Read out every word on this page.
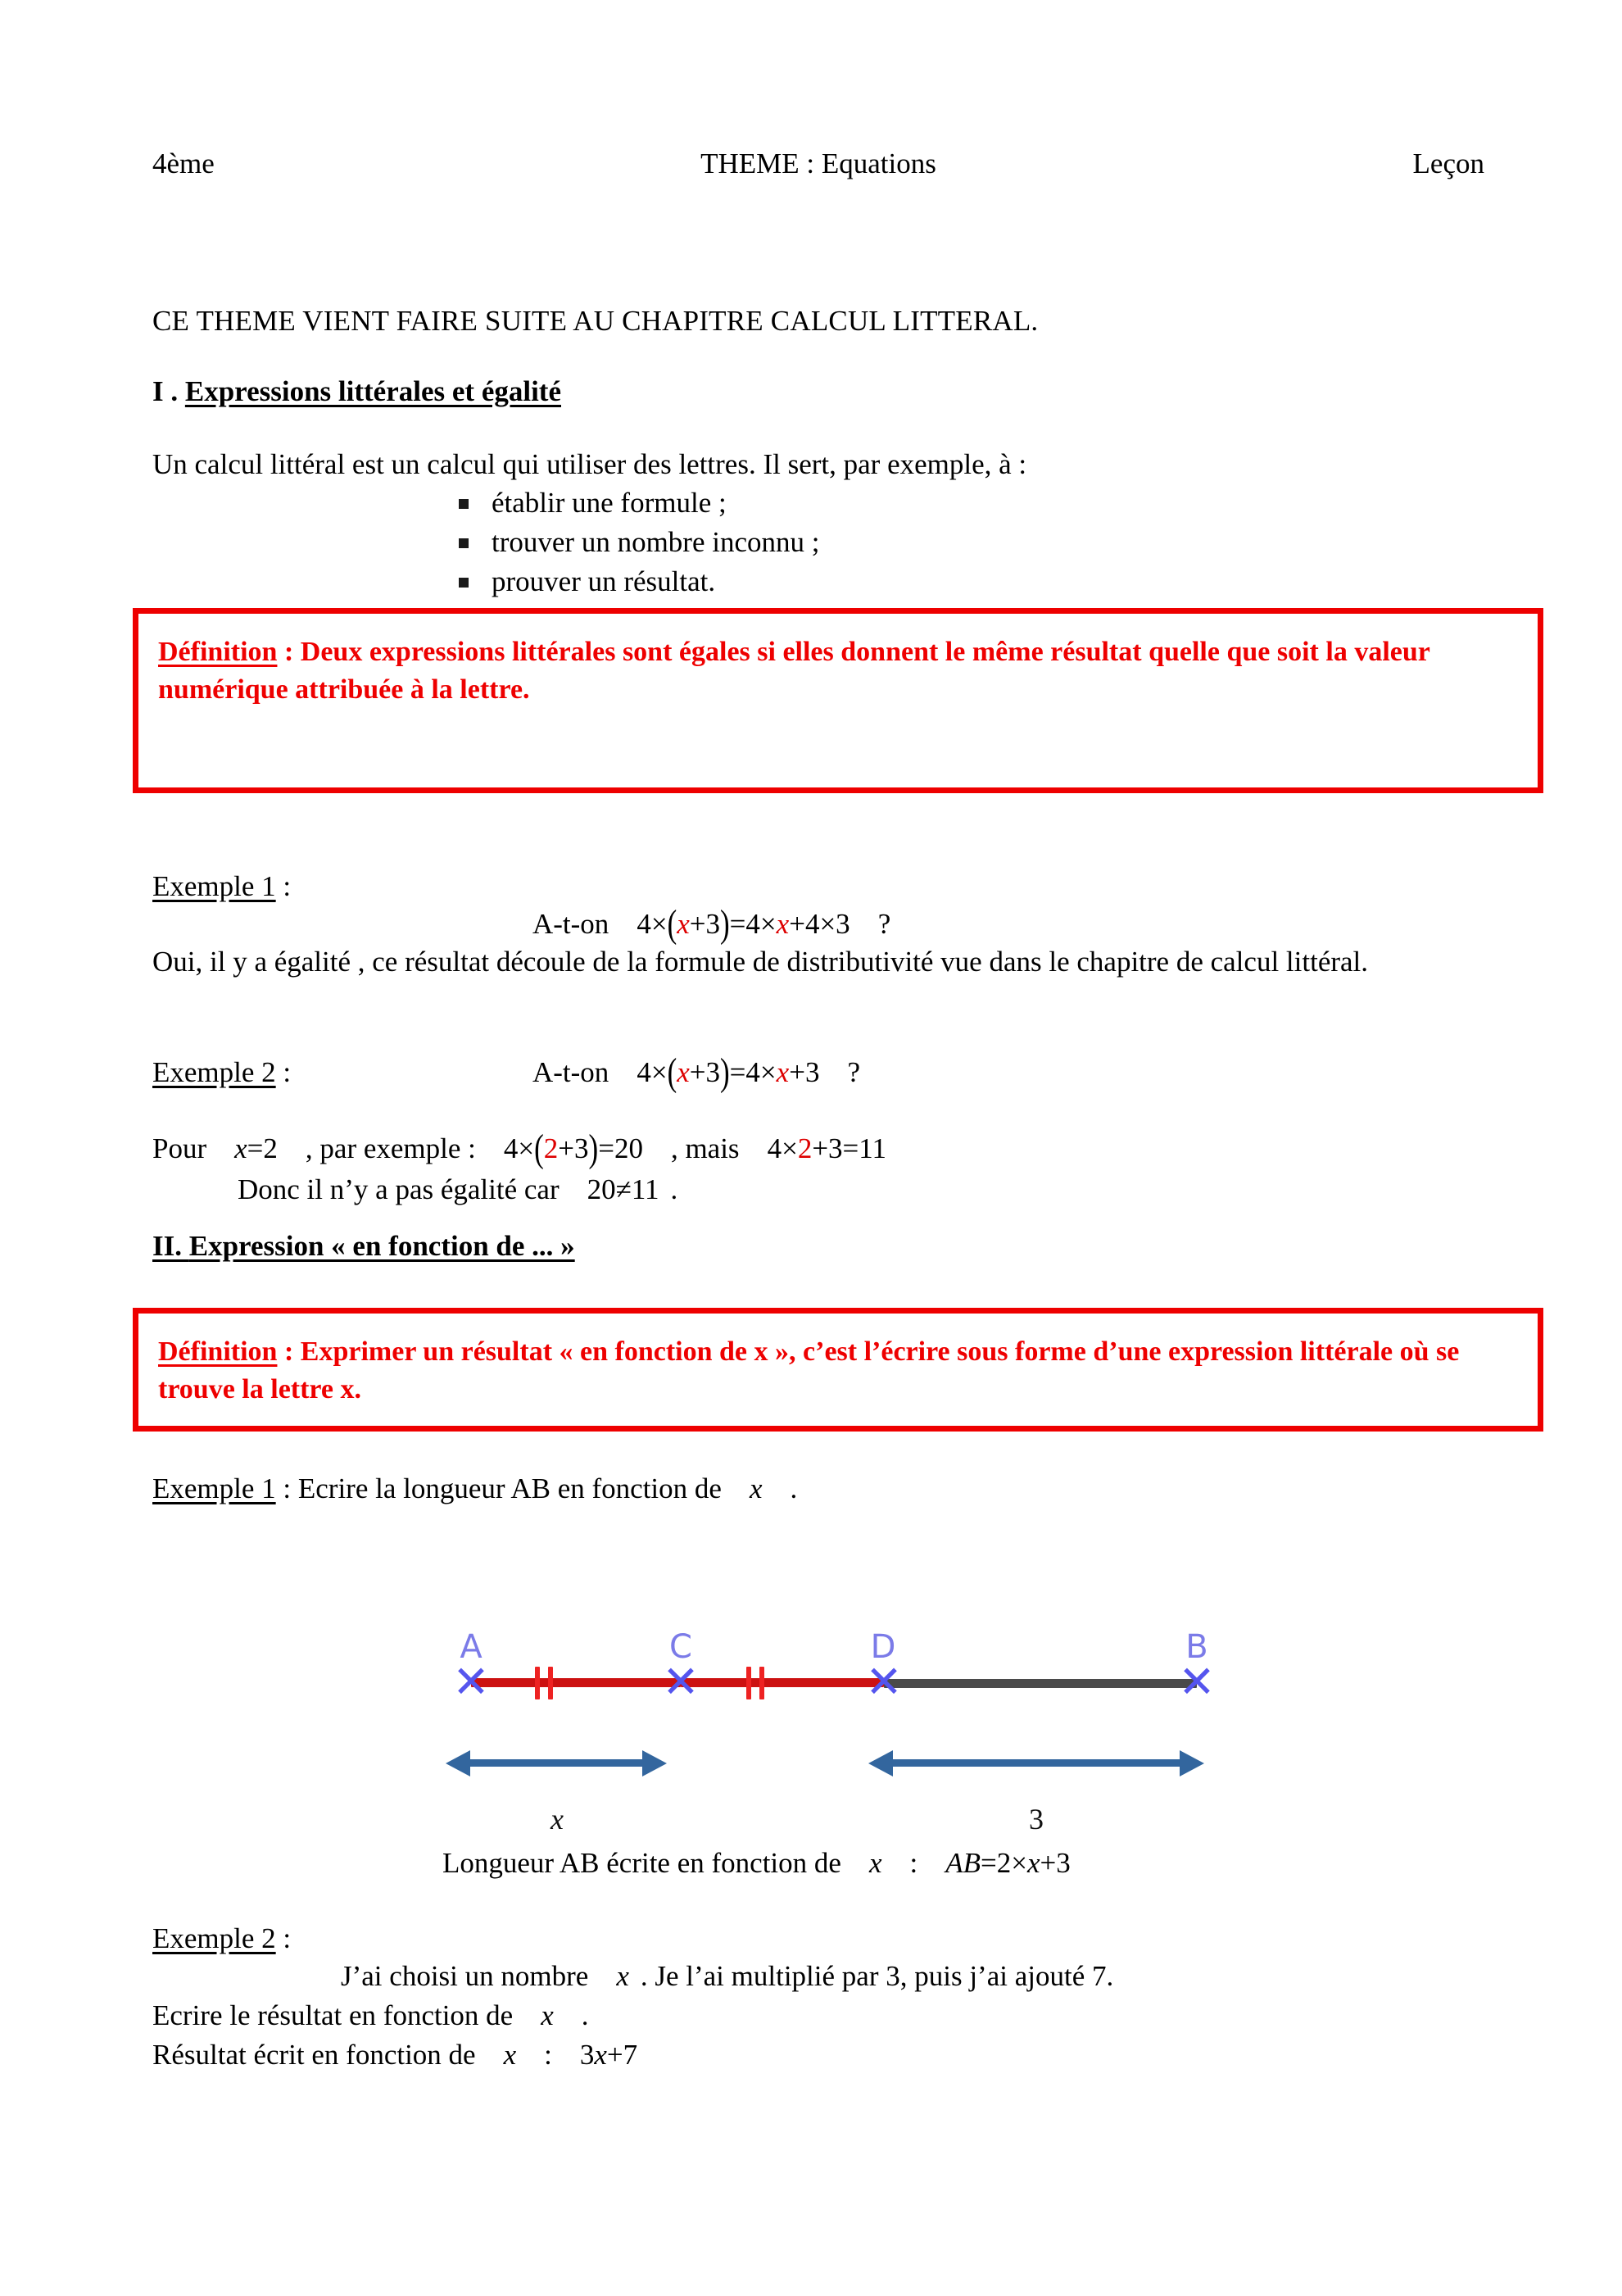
4ème	THEME : Equations	Leçon
CE THEME VIENT FAIRE SUITE AU CHAPITRE CALCUL LITTERAL.
I . Expressions littérales et égalité
Un calcul littéral est un calcul qui utiliser des lettres. Il sert, par exemple, à :
établir une formule ;
trouver un nombre inconnu ;
prouver un résultat.
Définition : Deux expressions littérales sont égales si elles donnent le même résultat quelle que soit la valeur numérique attribuée à la lettre.
Exemple 1 :
A-t-on 4×(x+3)=4×x+4×3 ?
Oui, il y a égalité , ce résultat découle de la formule de distributivité vue dans le chapitre de calcul littéral.
Exemple 2 :	A-t-on 4×(x+3)=4×x+3 ?
Pour x=2 , par exemple : 4×(2+3)=20 , mais 4×2+3=11
Donc il n’y a pas égalité car 20≠11 .
II. Expression « en fonction de ... »
Définition : Exprimer un résultat « en fonction de x », c’est l’écrire sous forme d’une expression littérale où se trouve la lettre x.
Exemple 1 : Ecrire la longueur AB en fonction de x .
A	C	D	B
✕	✕	✕	✕
x	3
Longueur AB écrite en fonction de x : AB=2×x+3
Exemple 2 :
J’ai choisi un nombre x . Je l’ai multiplié par 3, puis j’ai ajouté 7.
Ecrire le résultat en fonction de x .
Résultat écrit en fonction de x : 3x+7
